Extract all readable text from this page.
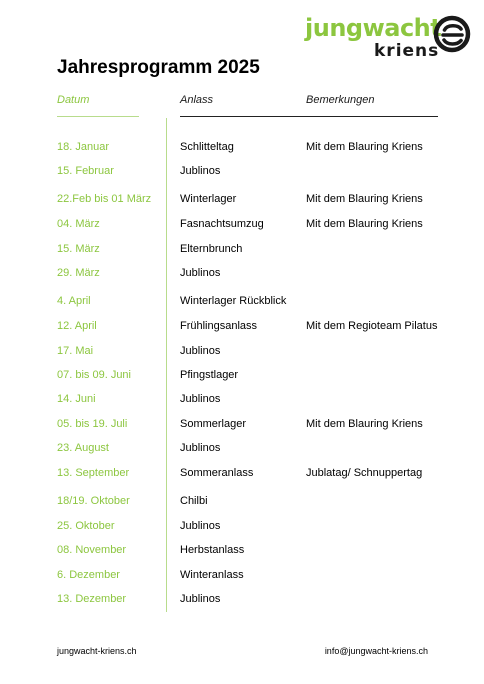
jungwacht
kriens
Jahresprogramm 2025
Datum	Anlass	Bemerkungen
18. Januar	Schlitteltag	Mit dem Blauring Kriens
15. Februar	Jublinos
22.Feb bis 01 März	Winterlager	Mit dem Blauring Kriens
04. März	Fasnachtsumzug	Mit dem Blauring Kriens
15. März	Elternbrunch
29. März	Jublinos
4. April	Winterlager Rückblick
12. April	Frühlingsanlass	Mit dem Regioteam Pilatus
17. Mai	Jublinos
07. bis 09. Juni	Pfingstlager
14. Juni	Jublinos
05. bis 19. Juli	Sommerlager	Mit dem Blauring Kriens
23. August	Jublinos
13. September	Sommeranlass	Jublatag/ Schnuppertag
18/19. Oktober	Chilbi
25. Oktober	Jublinos
08. November	Herbstanlass
6. Dezember	Winteranlass
13. Dezember	Jublinos
jungwacht-kriens.ch	info@jungwacht-kriens.ch
